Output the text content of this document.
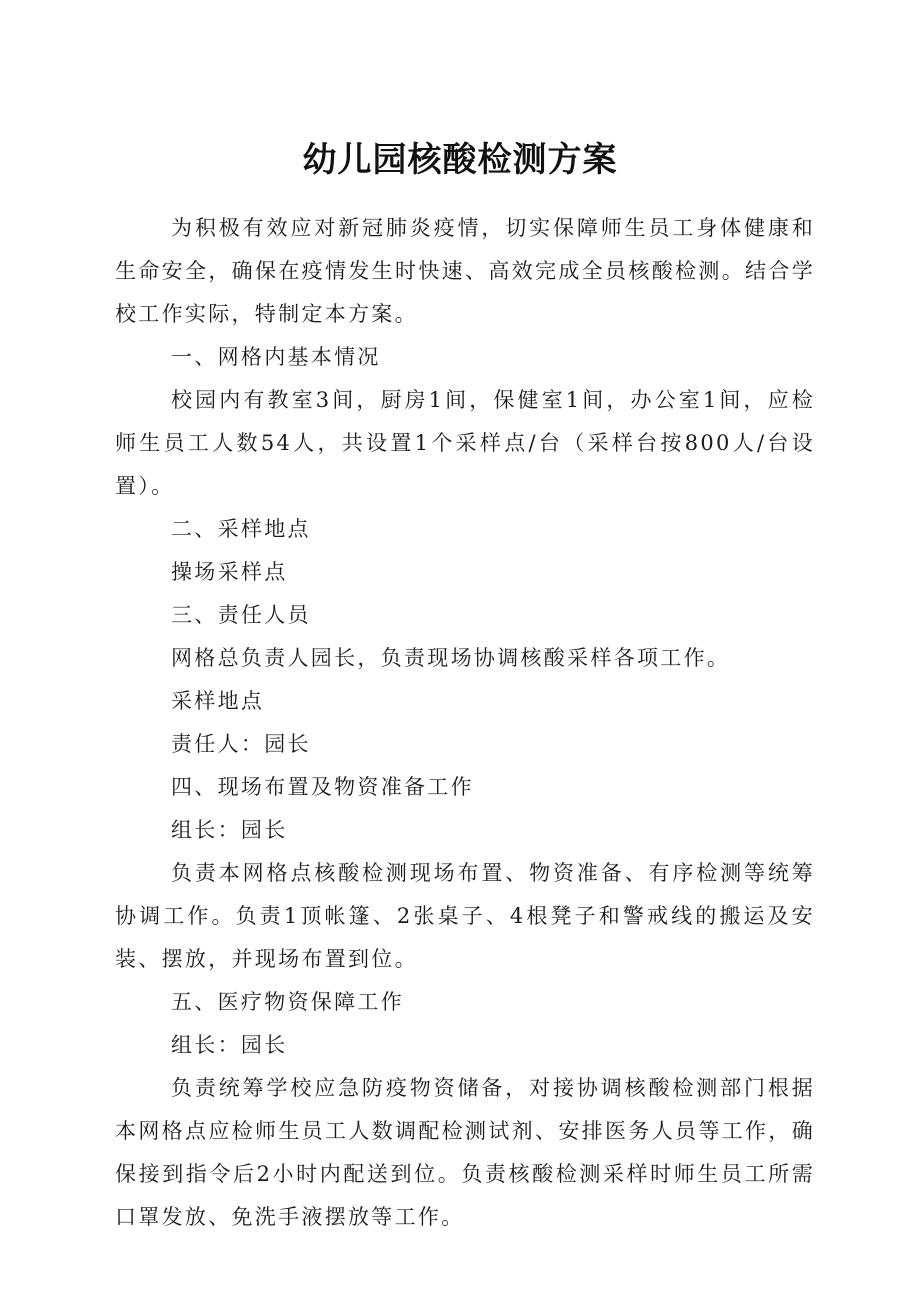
幼儿园核酸检测方案

为积极有效应对新冠肺炎疫情，切实保障师生员工身体健康和生命安全，确保在疫情发生时快速、高效完成全员核酸检测。结合学校工作实际，特制定本方案。

一、网格内基本情况

校园内有教室3间，厨房1间，保健室1间，办公室1间，应检师生员工人数54人，共设置1个采样点/台（采样台按800人/台设置）。

二、采样地点

操场采样点

三、责任人员

网格总负责人园长，负责现场协调核酸采样各项工作。

采样地点

责任人：园长

四、现场布置及物资准备工作

组长：园长

负责本网格点核酸检测现场布置、物资准备、有序检测等统筹协调工作。负责1顶帐篷、2张桌子、4根凳子和警戒线的搬运及安装、摆放，并现场布置到位。

五、医疗物资保障工作

组长：园长

负责统筹学校应急防疫物资储备，对接协调核酸检测部门根据本网格点应检师生员工人数调配检测试剂、安排医务人员等工作，确保接到指令后2小时内配送到位。负责核酸检测采样时师生员工所需口罩发放、免洗手液摆放等工作。
